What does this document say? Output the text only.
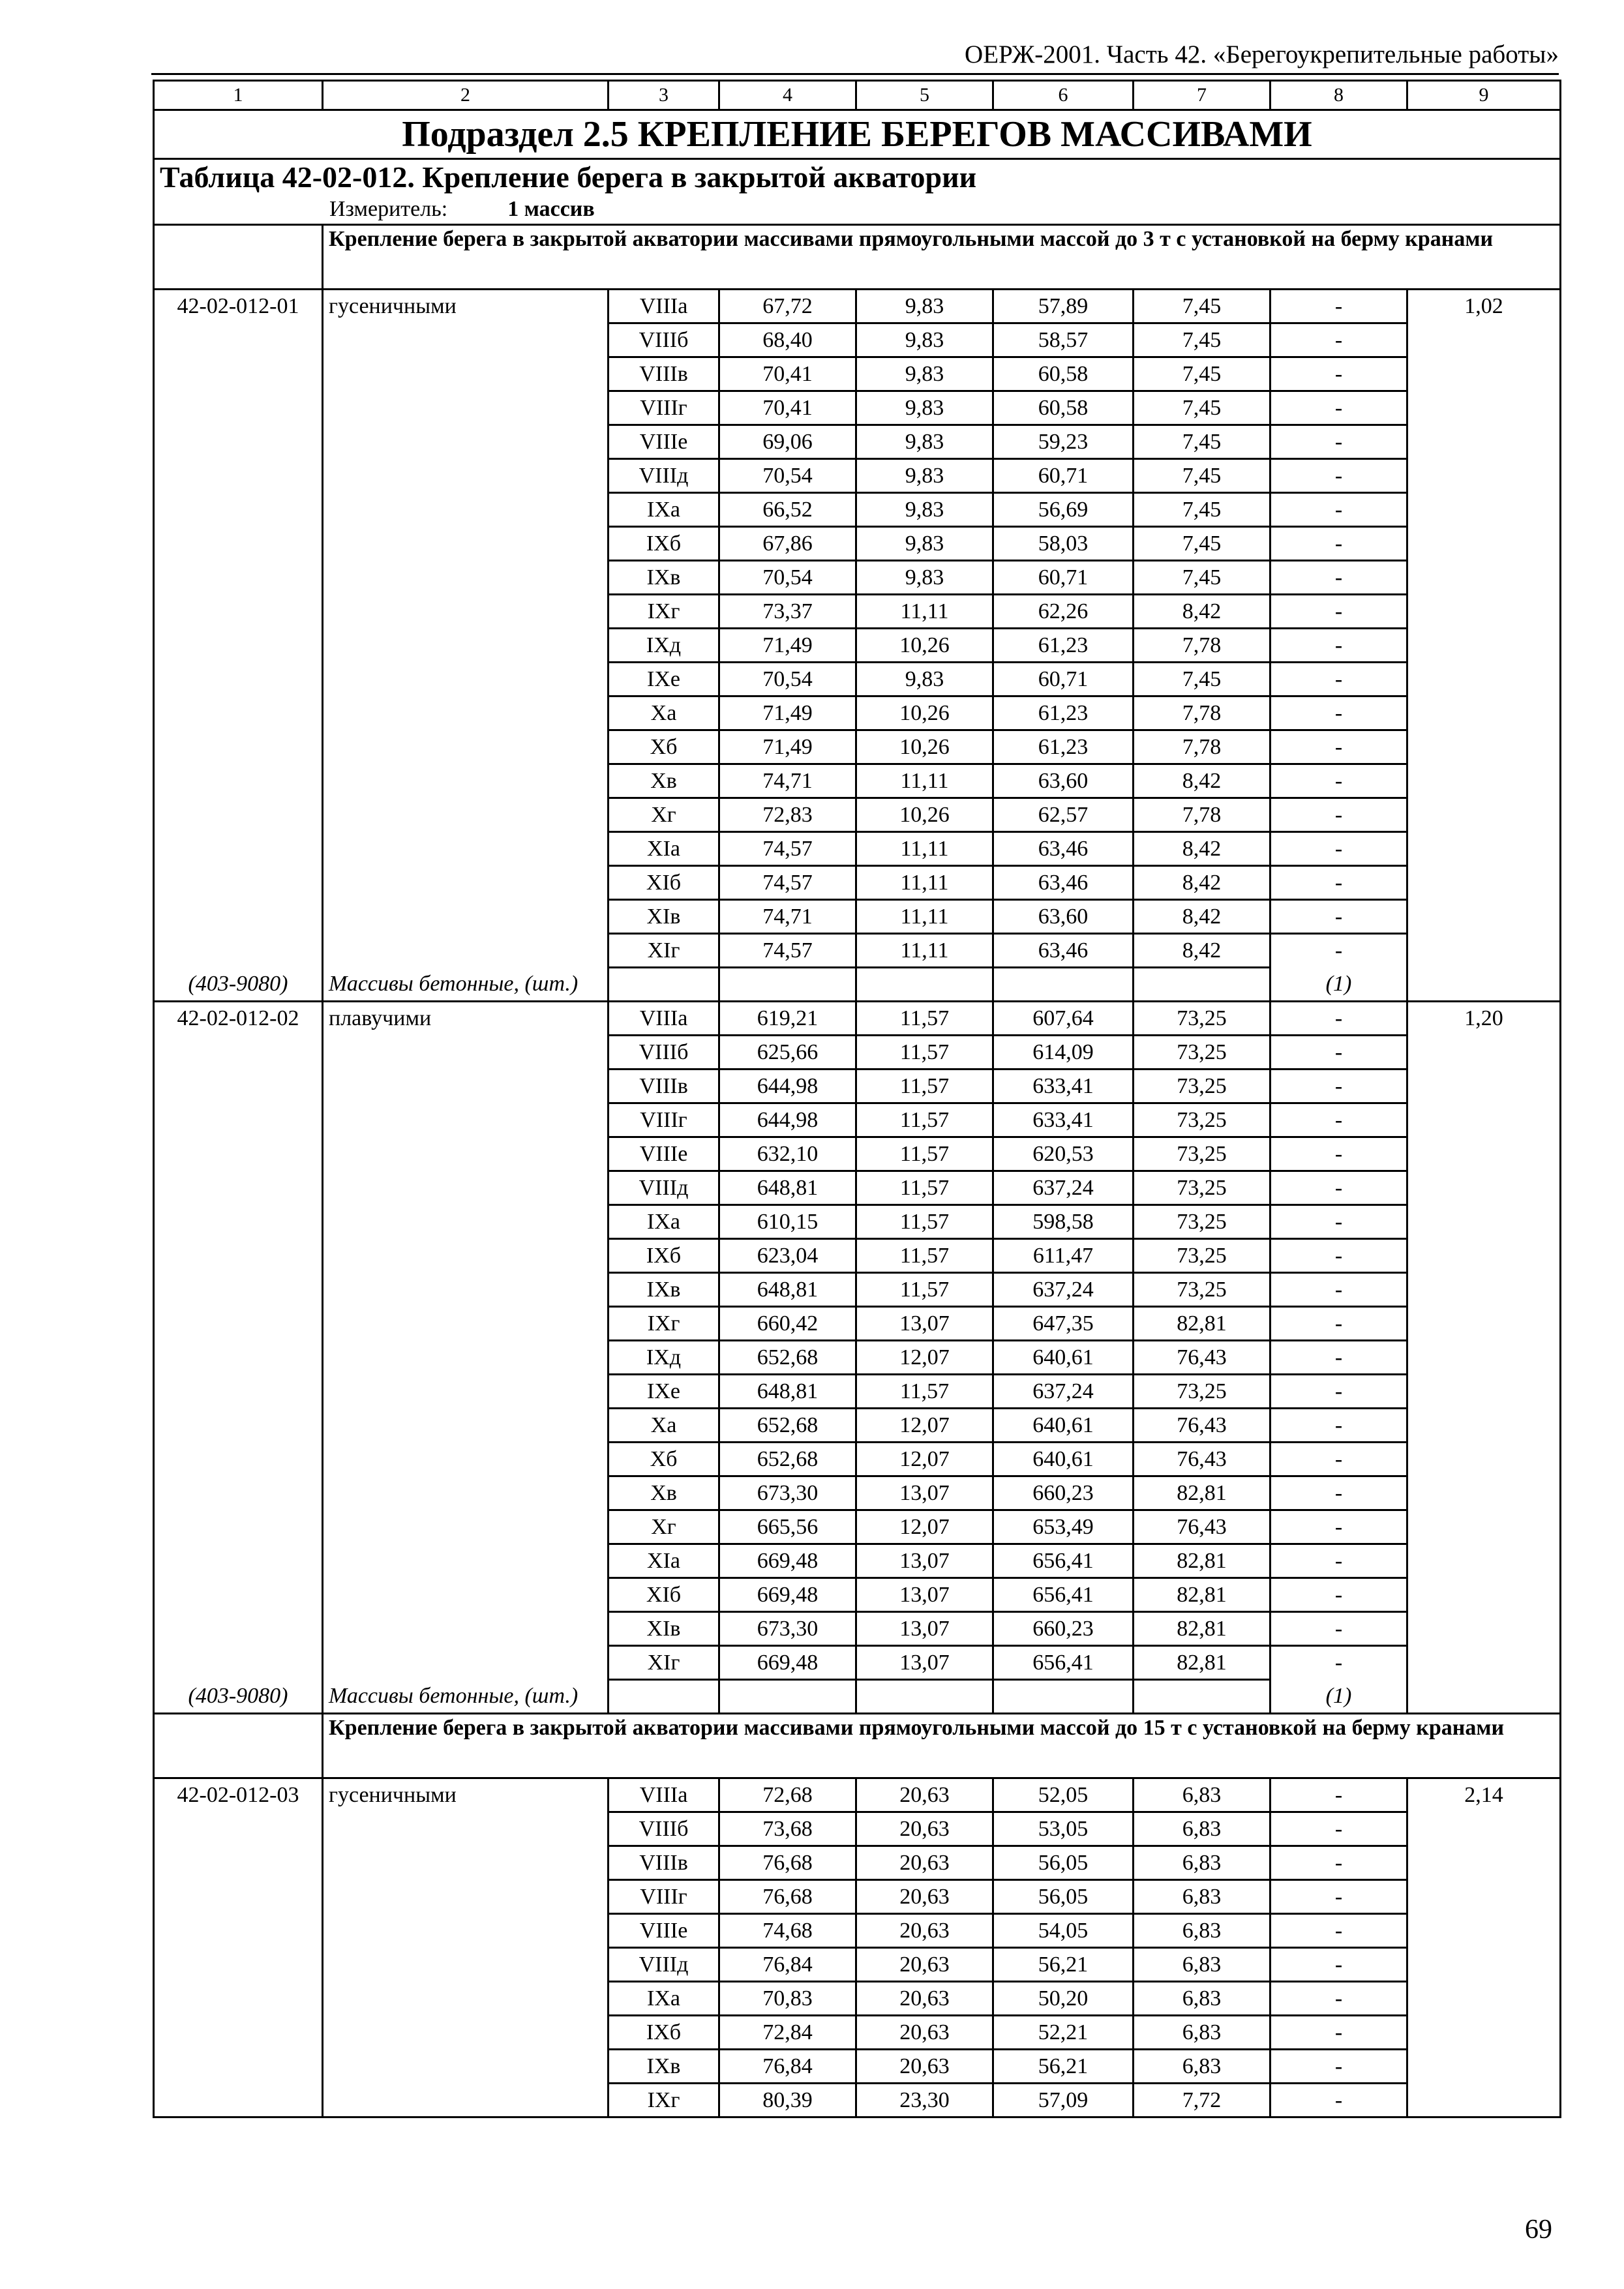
ОЕРЖ-2001. Часть 42. «Берегоукрепительные работы»
1	2	3	4	5	6	7	8	9
Подраздел 2.5 КРЕПЛЕНИЕ БЕРЕГОВ МАССИВАМИ								
Таблица 42-02-012. Крепление берега в закрытой акватории								
Измеритель: 1 массив								
	Крепление берега в закрытой акватории массивами прямоугольными массой до 3 т с установкой на берму кранами							
42-02-012-01	гусеничными	VIIIа	67,72	9,83	57,89	7,45	-	1,02
		VIIIб	68,40	9,83	58,57	7,45	-	
		VIIIв	70,41	9,83	60,58	7,45	-	
		VIIIг	70,41	9,83	60,58	7,45	-	
		VIIIе	69,06	9,83	59,23	7,45	-	
		VIIIд	70,54	9,83	60,71	7,45	-	
		IXа	66,52	9,83	56,69	7,45	-	
		IXб	67,86	9,83	58,03	7,45	-	
		IXв	70,54	9,83	60,71	7,45	-	
		IXг	73,37	11,11	62,26	8,42	-	
		IXд	71,49	10,26	61,23	7,78	-	
		IXе	70,54	9,83	60,71	7,45	-	
		Xа	71,49	10,26	61,23	7,78	-	
		Xб	71,49	10,26	61,23	7,78	-	
		Xв	74,71	11,11	63,60	8,42	-	
		Xг	72,83	10,26	62,57	7,78	-	
		XIа	74,57	11,11	63,46	8,42	-	
		XIб	74,57	11,11	63,46	8,42	-	
		XIв	74,71	11,11	63,60	8,42	-	
		XIг	74,57	11,11	63,46	8,42	-	
(403-9080)	Массивы бетонные, (шт.)						(1)	
42-02-012-02	плавучими	VIIIа	619,21	11,57	607,64	73,25	-	1,20
		VIIIб	625,66	11,57	614,09	73,25	-	
		VIIIв	644,98	11,57	633,41	73,25	-	
		VIIIг	644,98	11,57	633,41	73,25	-	
		VIIIе	632,10	11,57	620,53	73,25	-	
		VIIIд	648,81	11,57	637,24	73,25	-	
		IXа	610,15	11,57	598,58	73,25	-	
		IXб	623,04	11,57	611,47	73,25	-	
		IXв	648,81	11,57	637,24	73,25	-	
		IXг	660,42	13,07	647,35	82,81	-	
		IXд	652,68	12,07	640,61	76,43	-	
		IXе	648,81	11,57	637,24	73,25	-	
		Xа	652,68	12,07	640,61	76,43	-	
		Xб	652,68	12,07	640,61	76,43	-	
		Xв	673,30	13,07	660,23	82,81	-	
		Xг	665,56	12,07	653,49	76,43	-	
		XIа	669,48	13,07	656,41	82,81	-	
		XIб	669,48	13,07	656,41	82,81	-	
		XIв	673,30	13,07	660,23	82,81	-	
		XIг	669,48	13,07	656,41	82,81	-	
(403-9080)	Массивы бетонные, (шт.)						(1)	
	Крепление берега в закрытой акватории массивами прямоугольными массой до 15 т с установкой на берму кранами							
42-02-012-03	гусеничными	VIIIа	72,68	20,63	52,05	6,83	-	2,14
		VIIIб	73,68	20,63	53,05	6,83	-	
		VIIIв	76,68	20,63	56,05	6,83	-	
		VIIIг	76,68	20,63	56,05	6,83	-	
		VIIIе	74,68	20,63	54,05	6,83	-	
		VIIIд	76,84	20,63	56,21	6,83	-	
		IXа	70,83	20,63	50,20	6,83	-	
		IXб	72,84	20,63	52,21	6,83	-	
		IXв	76,84	20,63	56,21	6,83	-	
		IXг	80,39	23,30	57,09	7,72	-	
69
